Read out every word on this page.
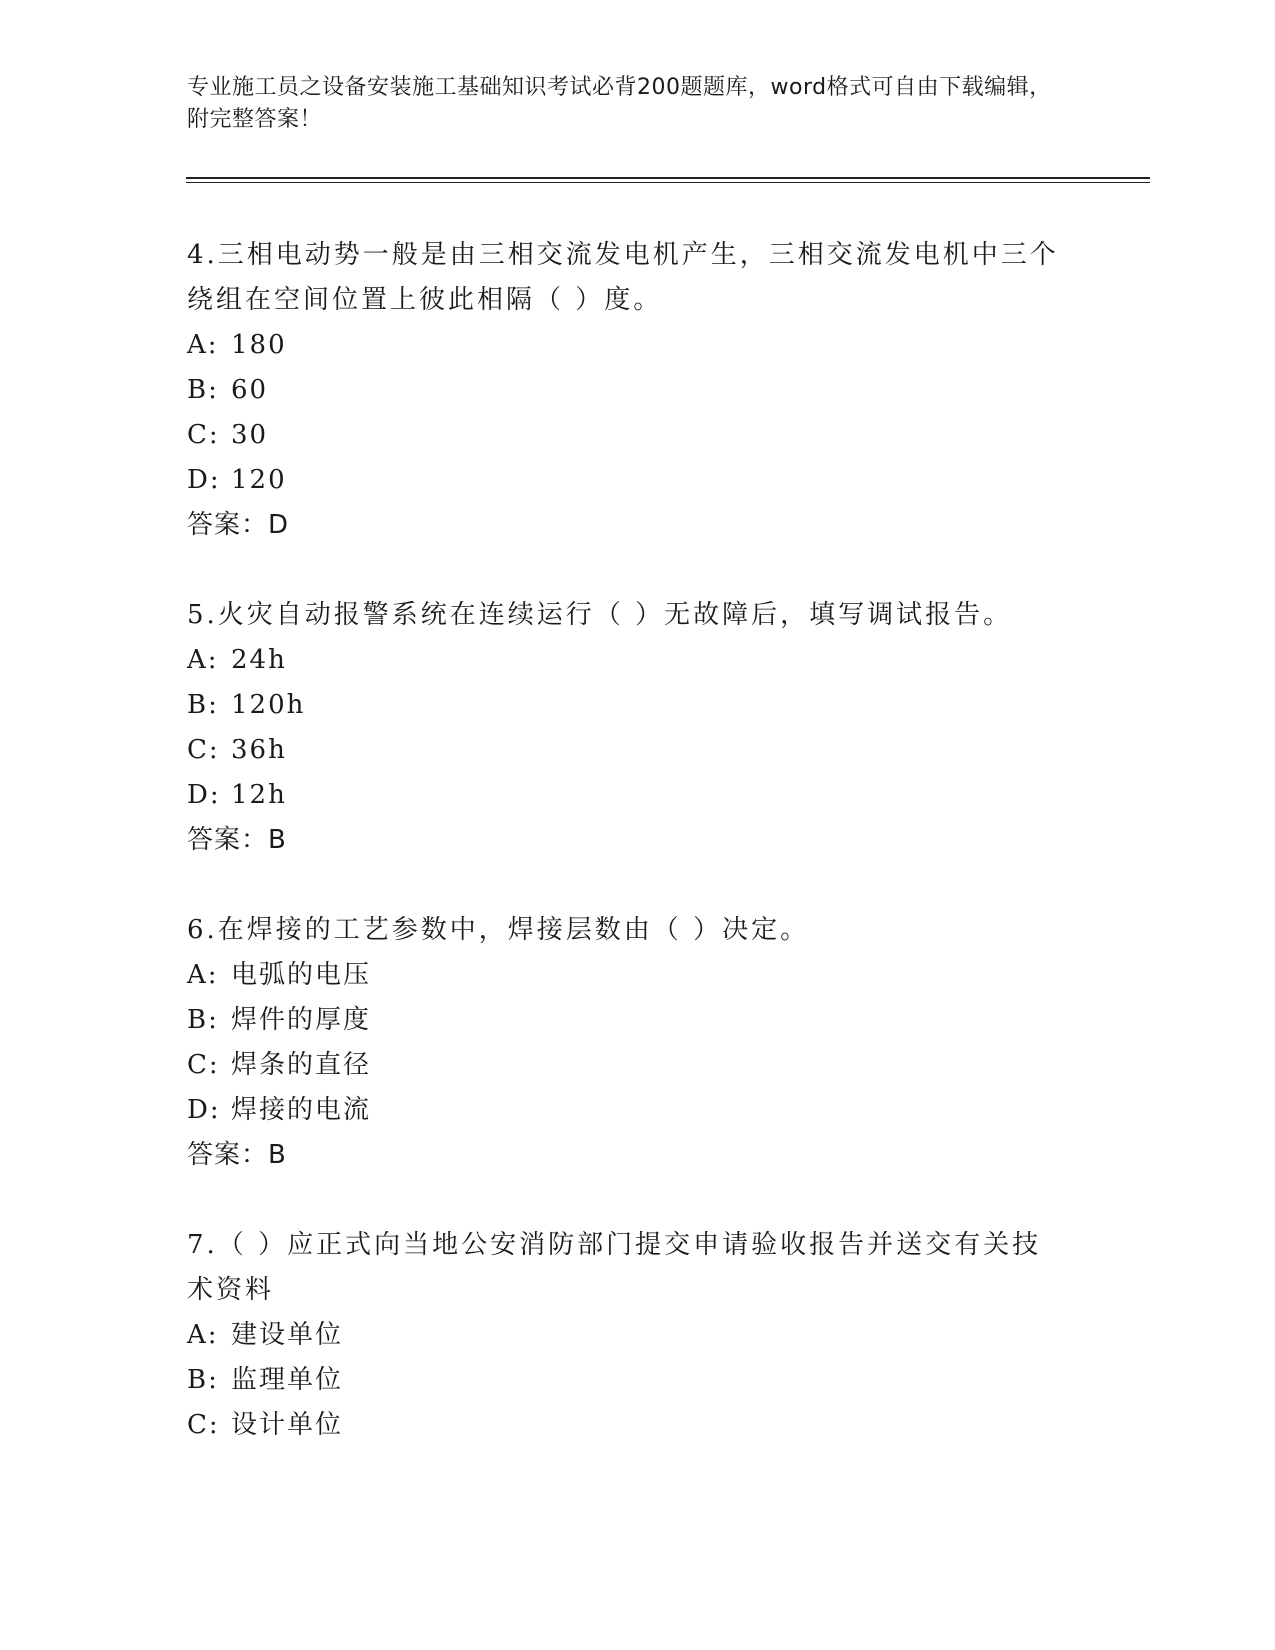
专业施工员之设备安装施工基础知识考试必背200题题库，word格式可自由下载编辑，附完整答案！
4.三相电动势一般是由三相交流发电机产生，三相交流发电机中三个绕组在空间位置上彼此相隔（ ）度。
A: 180
B: 60
C: 30
D: 120
答案：D
5.火灾自动报警系统在连续运行（ ）无故障后，填写调试报告。
A: 24h
B: 120h
C: 36h
D: 12h
答案：B
6.在焊接的工艺参数中，焊接层数由（ ）决定。
A: 电弧的电压
B: 焊件的厚度
C: 焊条的直径
D: 焊接的电流
答案：B
7.（ ）应正式向当地公安消防部门提交申请验收报告并送交有关技术资料
A: 建设单位
B: 监理单位
C: 设计单位
